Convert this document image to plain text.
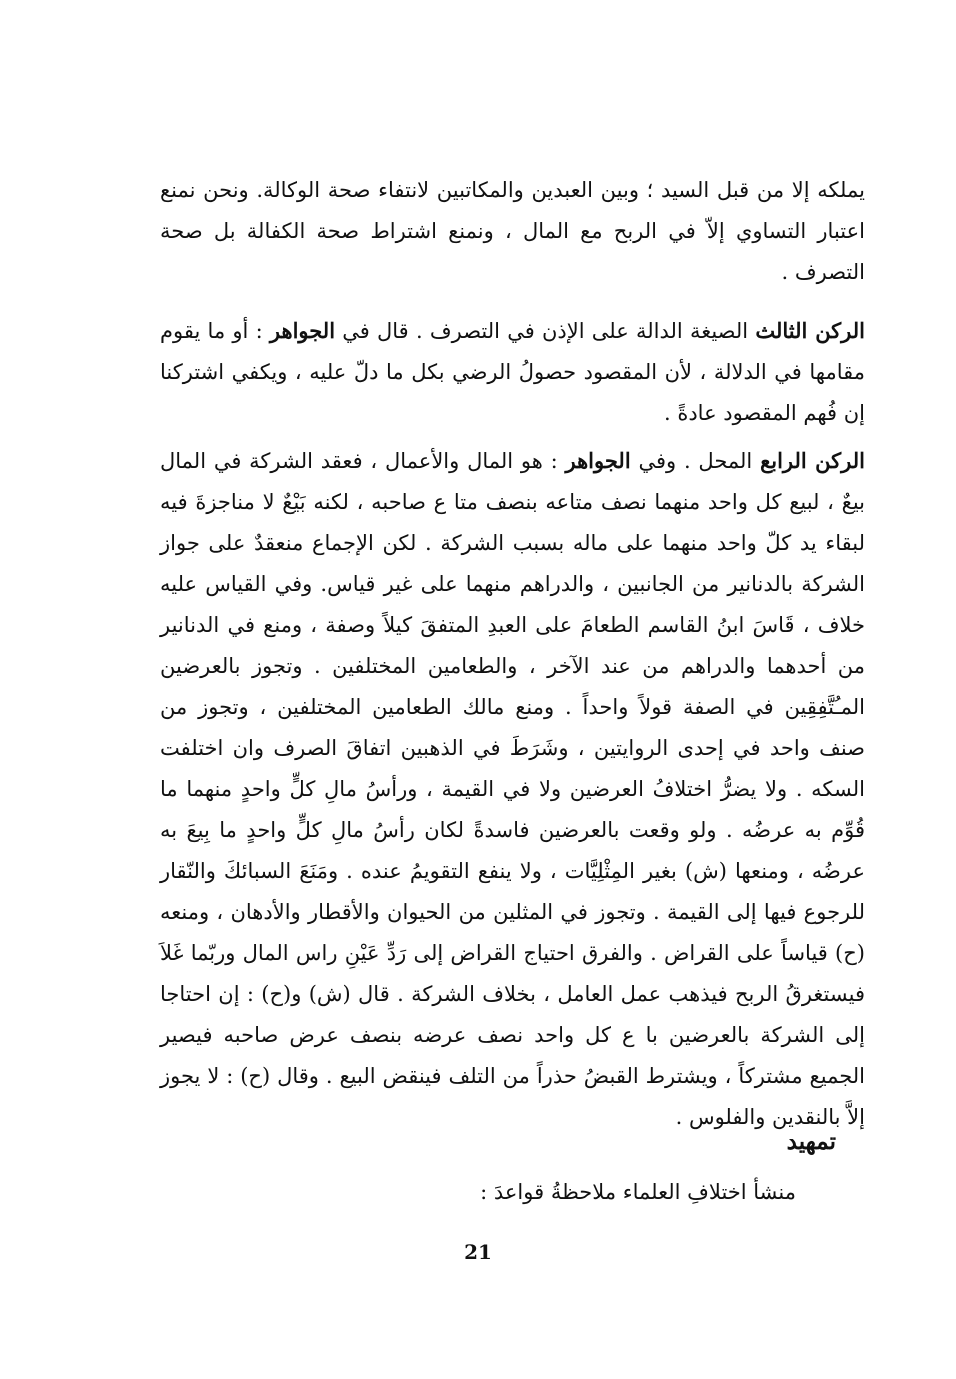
يملكه إلا من قبل السيد ؛ وبين العبدين والمكاتبين لانتفاء صحة الوكالة. ونحن نمنع اعتبار التساوي إلاّ في الربح مع المال ، ونمنع اشتراط صحة الكفالة بل صحة التصرف .

الركن الثالث الصيغة الدالة على الإذن في التصرف . قال في الجواهر : أو ما يقوم مقامها في الدلالة ، لأن المقصود حصولُ الرضي بكل ما دلّ عليه ، ويكفي اشتركنا إن فُهم المقصود عادةً .

الركن الرابع المحل . وفي الجواهر : هو المال والأعمال ، فعقد الشركة في المال بيعٌ ، لبيع كل واحد منهما نصف متاعه بنصف متا ع صاحبه ، لكنه بَيْعٌ لا مناجزةَ فيه لبقاء يد كلّ واحد منهما على ماله بسبب الشركة . لكن الإجماع منعقدٌ على جواز الشركة بالدنانير من الجانبين ، والدراهم منهما على غير قياس. وفي القياس عليه خلاف ، قَاسَ ابنُ القاسم الطعامَ على العبدِ المتفقَ كيلاً وصفة ، ومنع في الدنانير من أحدهما والدراهم من عند الآخر ، والطعامين المختلفين . وتجوز بالعرضين المـُتَّفِقِين في الصفة قولاً واحداً . ومنع مالك الطعامين المختلفين ، وتجوز من صنف واحد في إحدى الروايتين ، وشَرَطَ في الذهبين اتفاقَ الصرف وان اختلفت السكه . ولا يضرُّ اختلافُ العرضين ولا في القيمة ، ورأسُ مالِ كلٍّ واحدٍ منهما ما قُوِّم به عرضُه . ولو وقعت بالعرضين فاسدةً لكان رأسُ مالِ كلٍّ واحدٍ ما بِيعَ به عرضُه ، ومنعها (ش) بغير المِثْلِيَّات ، ولا ينفع التقويمُ عنده . ومَنَعَ السبائكَ والنّقار للرجوع فيها إلى القيمة . وتجوز في المثلين من الحيوان والأقطار والأدهان ، ومنعه (ح) قياساً على القراض . والفرق احتياج القراض إلى رَدِّ عَيْنِ راس المال وربّما غَلاَ فيستغرقُ الربح فيذهب عمل العامل ، بخلاف الشركة . قال (ش) و(ح) : إن احتاجا إلى الشركة بالعرضين با ع كل واحد نصف عرضه بنصف عرض صاحبه فيصير الجميع مشتركاً ، ويشترط القبضُ حذراً من التلف فينقض البيع . وقال (ح) : لا يجوز إلاَّ بالنقدين والفلوس .

تمهيد

منشأ اختلافِ العلماء ملاحظةُ قواعدَ :

21
